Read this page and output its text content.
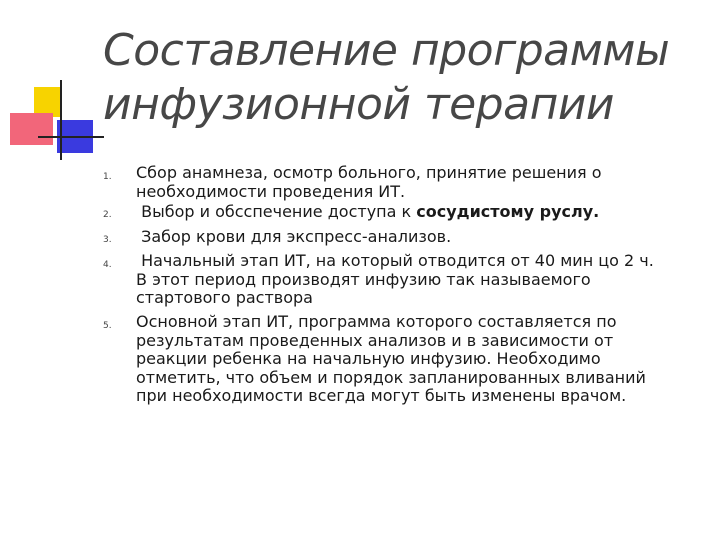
Составление программы
инфузионной терапии
1. Сбор анамнеза, осмотр больного, принятие решения о
необходимости проведения ИТ.
2. Выбор и обсспечение доступа к сосудистому руслу.
3. Забор крови для экспресс-анализов.
4. Начальный этап ИТ, на который отводится от 40 мин цо 2 ч.
В этот период производят инфузию так называемого
стартового раствора
5. Основной этап ИТ, программа которого составляется по
результатам проведенных анализов и в зависимости от
реакции ребенка на начальную инфузию. Необходимо
отметить, что объем и порядок запланированных вливаний
при необходимости всегда могут быть изменены врачом.
